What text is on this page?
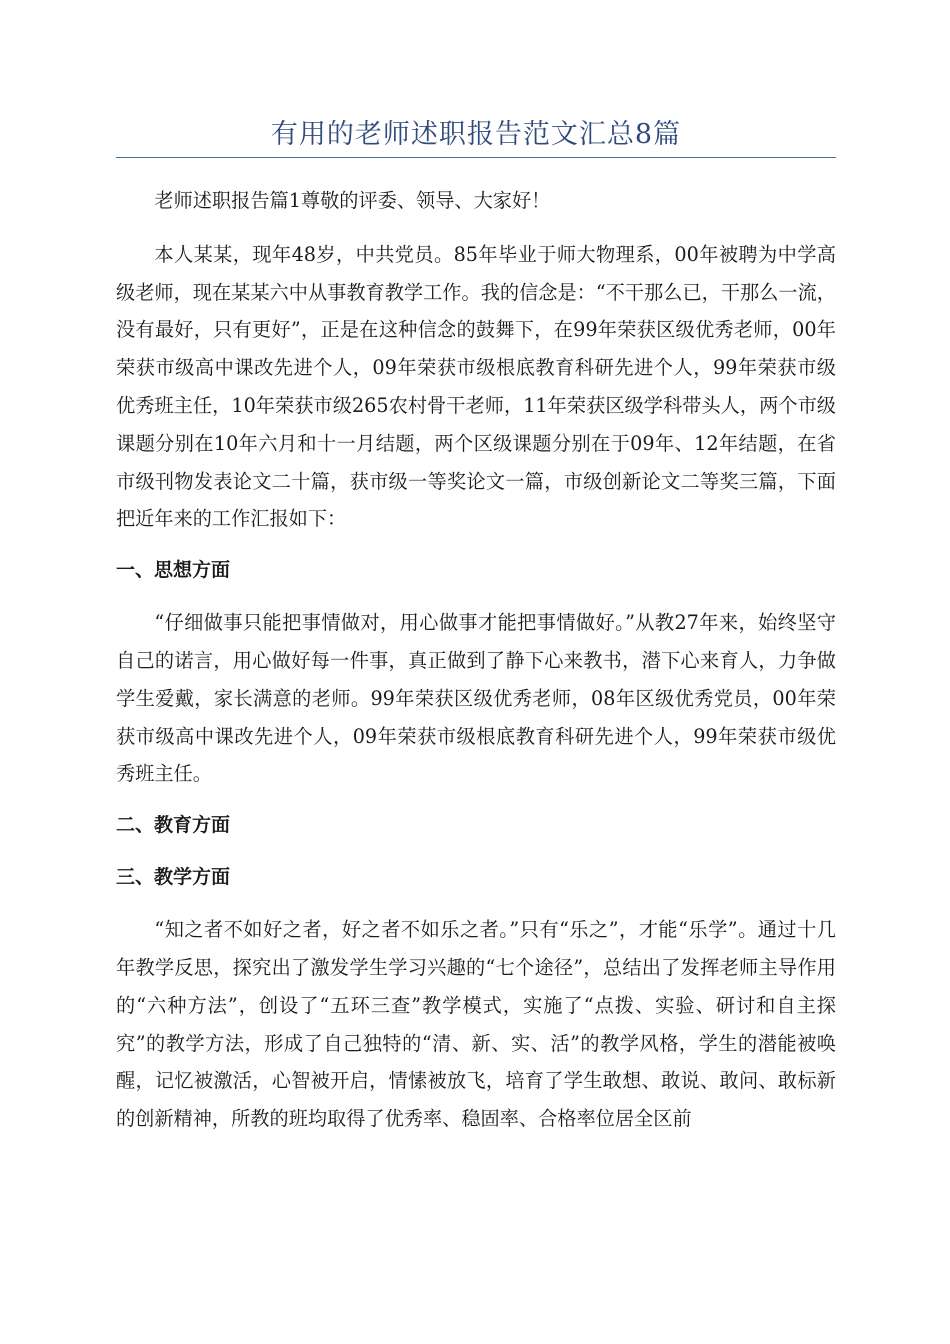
有用的老师述职报告范文汇总8篇

老师述职报告篇1尊敬的评委、领导、大家好！

本人某某，现年48岁，中共党员。85年毕业于师大物理系，00年被聘为中学高级老师，现在某某六中从事教育教学工作。我的信念是：“不干那么已，干那么一流，没有最好，只有更好”，正是在这种信念的鼓舞下，在99年荣获区级优秀老师，00年荣获市级高中课改先进个人，09年荣获市级根底教育科研先进个人，99年荣获市级优秀班主任，10年荣获市级265农村骨干老师，11年荣获区级学科带头人，两个市级课题分别在10年六月和十一月结题，两个区级课题分别在于09年、12年结题，在省市级刊物发表论文二十篇，获市级一等奖论文一篇，市级创新论文二等奖三篇，下面把近年来的工作汇报如下：

一、思想方面

“仔细做事只能把事情做对，用心做事才能把事情做好。”从教27年来，始终坚守自己的诺言，用心做好每一件事，真正做到了静下心来教书，潜下心来育人，力争做学生爱戴，家长满意的老师。99年荣获区级优秀老师，08年区级优秀党员，00年荣获市级高中课改先进个人，09年荣获市级根底教育科研先进个人，99年荣获市级优秀班主任。

二、教育方面
三、教学方面

“知之者不如好之者，好之者不如乐之者。”只有“乐之”，才能“乐学”。通过十几年教学反思，探究出了激发学生学习兴趣的“七个途径”，总结出了发挥老师主导作用的“六种方法”，创设了“五环三查”教学模式，实施了“点拨、实验、研讨和自主探究”的教学方法，形成了自己独特的“清、新、实、活”的教学风格，学生的潜能被唤醒，记忆被激活，心智被开启，情愫被放飞，培育了学生敢想、敢说、敢问、敢标新的创新精神，所教的班均取得了优秀率、稳固率、合格率位居全区前
